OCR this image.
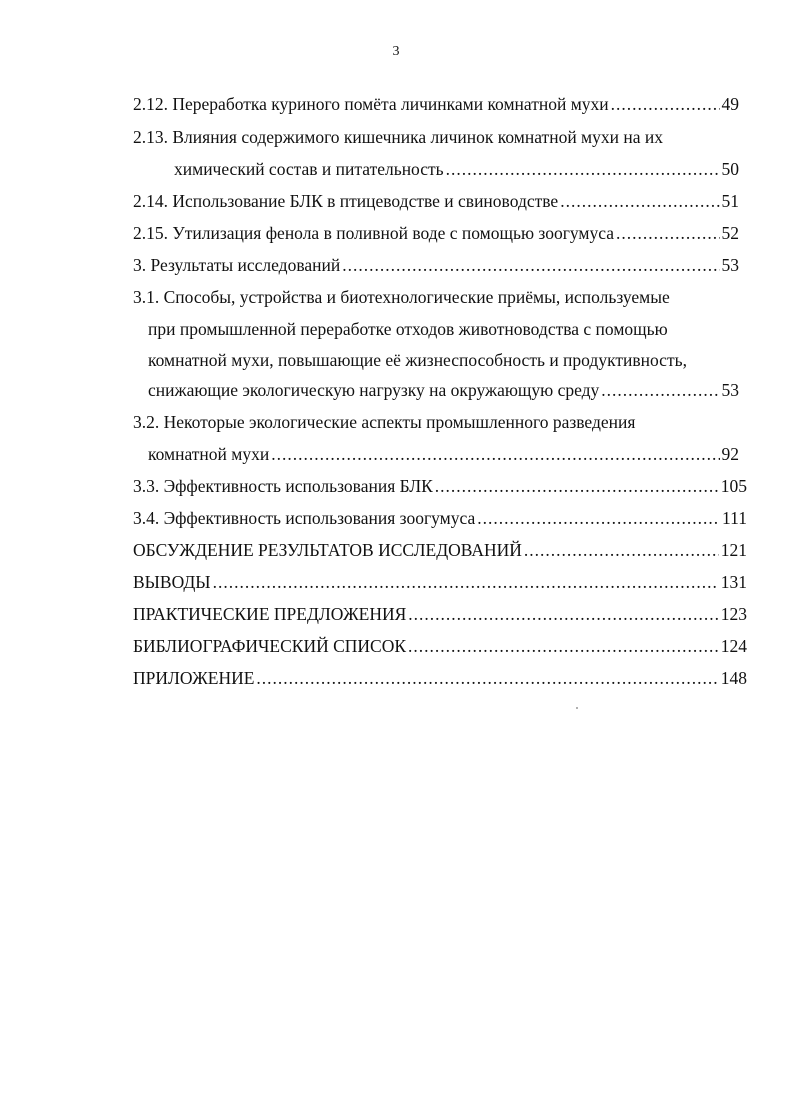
3
2.12. Переработка куриного помёта личинками комнатной мухи .....	49
2.13. Влияния содержимого кишечника личинок комнатной мухи на их
химический состав и питательность .....	50
2.14. Использование БЛК в птицеводстве и свиноводстве .....	51
2.15. Утилизация фенола в поливной воде с помощью зоогумуса .....	52
3. Результаты исследований .....	53
3.1. Способы, устройства и биотехнологические приёмы, используемые
при промышленной переработке отходов животноводства с помощью
комнатной мухи, повышающие её жизнеспособность и продуктивность,
снижающие экологическую нагрузку на окружающую среду .....	53
3.2. Некоторые экологические аспекты промышленного разведения
комнатной мухи .....	92
3.3. Эффективность использования БЛК .....	105
3.4. Эффективность использования зоогумуса .....	111
ОБСУЖДЕНИЕ РЕЗУЛЬТАТОВ ИССЛЕДОВАНИЙ .....	121
ВЫВОДЫ .....	131
ПРАКТИЧЕСКИЕ ПРЕДЛОЖЕНИЯ .....	123
БИБЛИОГРАФИЧЕСКИЙ СПИСОК .....	124
ПРИЛОЖЕНИЕ .....	148
